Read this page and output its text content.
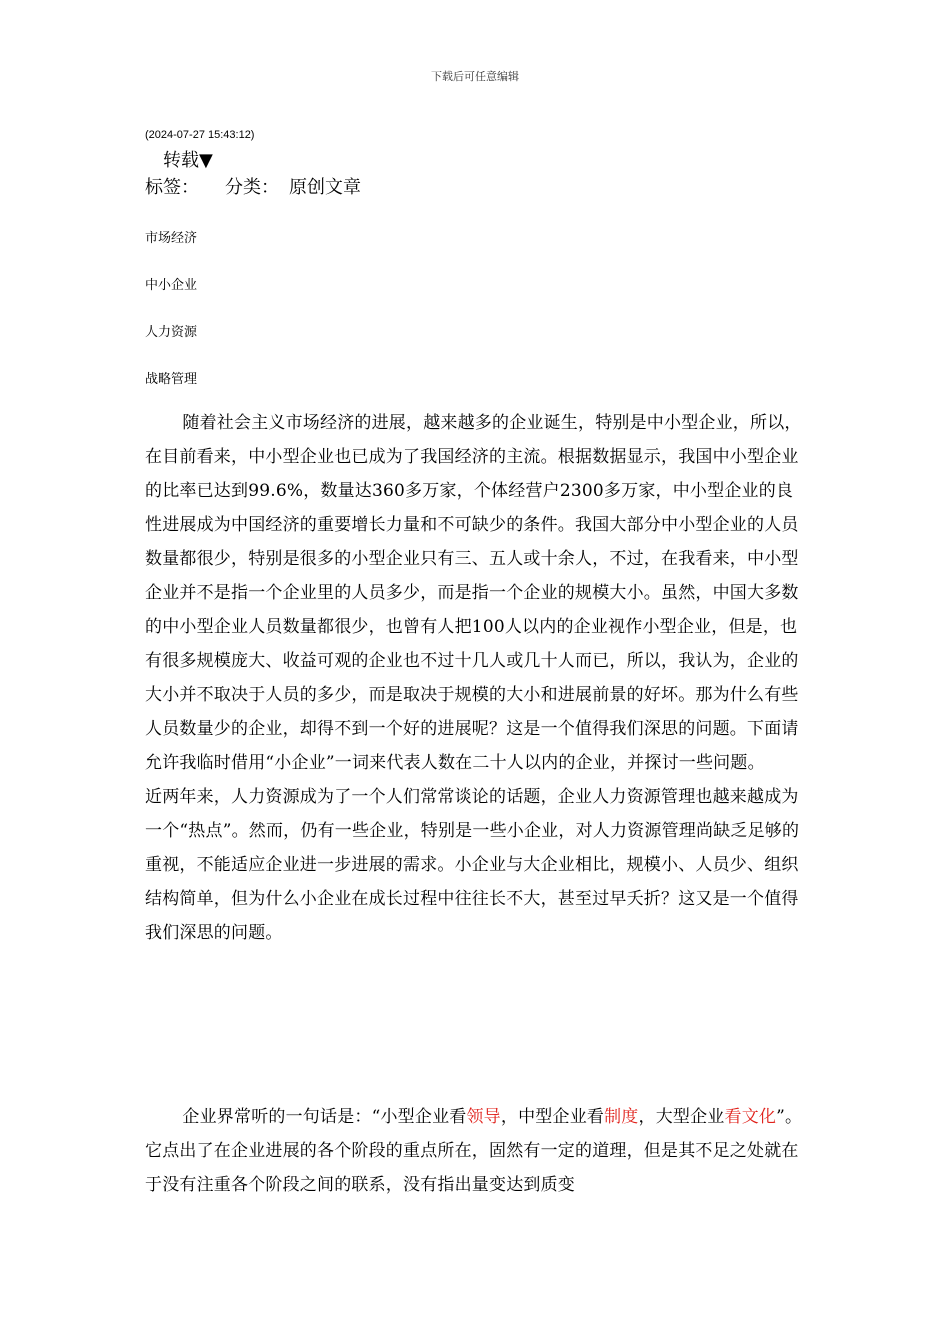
下载后可任意编辑
(2024-07-27 15:43:12)
转载▼
标签： 分类： 原创文章
市场经济
中小企业
人力资源
战略管理

随着社会主义市场经济的进展，越来越多的企业诞生，特别是中小型企业，所以，在目前看来，中小型企业也已成为了我国经济的主流。根据数据显示，我国中小型企业的比率已达到99.6%，数量达360多万家，个体经营户2300多万家，中小型企业的良性进展成为中国经济的重要增长力量和不可缺少的条件。我国大部分中小型企业的人员数量都很少，特别是很多的小型企业只有三、五人或十余人，不过，在我看来，中小型企业并不是指一个企业里的人员多少，而是指一个企业的规模大小。虽然，中国大多数的中小型企业人员数量都很少，也曾有人把100人以内的企业视作小型企业，但是，也有很多规模庞大、收益可观的企业也不过十几人或几十人而已，所以，我认为，企业的大小并不取决于人员的多少，而是取决于规模的大小和进展前景的好坏。那为什么有些人员数量少的企业，却得不到一个好的进展呢？这是一个值得我们深思的问题。下面请允许我临时借用“小企业”一词来代表人数在二十人以内的企业，并探讨一些问题。

近两年来，人力资源成为了一个人们常常谈论的话题，企业人力资源管理也越来越成为一个“热点”。然而，仍有一些企业，特别是一些小企业，对人力资源管理尚缺乏足够的重视，不能适应企业进一步进展的需求。小企业与大企业相比，规模小、人员少、组织结构简单，但为什么小企业在成长过程中往往长不大，甚至过早夭折？这又是一个值得我们深思的问题。

企业界常听的一句话是：“小型企业看领导，中型企业看制度，大型企业看文化”。它点出了在企业进展的各个阶段的重点所在，固然有一定的道理，但是其不足之处就在于没有注重各个阶段之间的联系，没有指出量变达到质变
